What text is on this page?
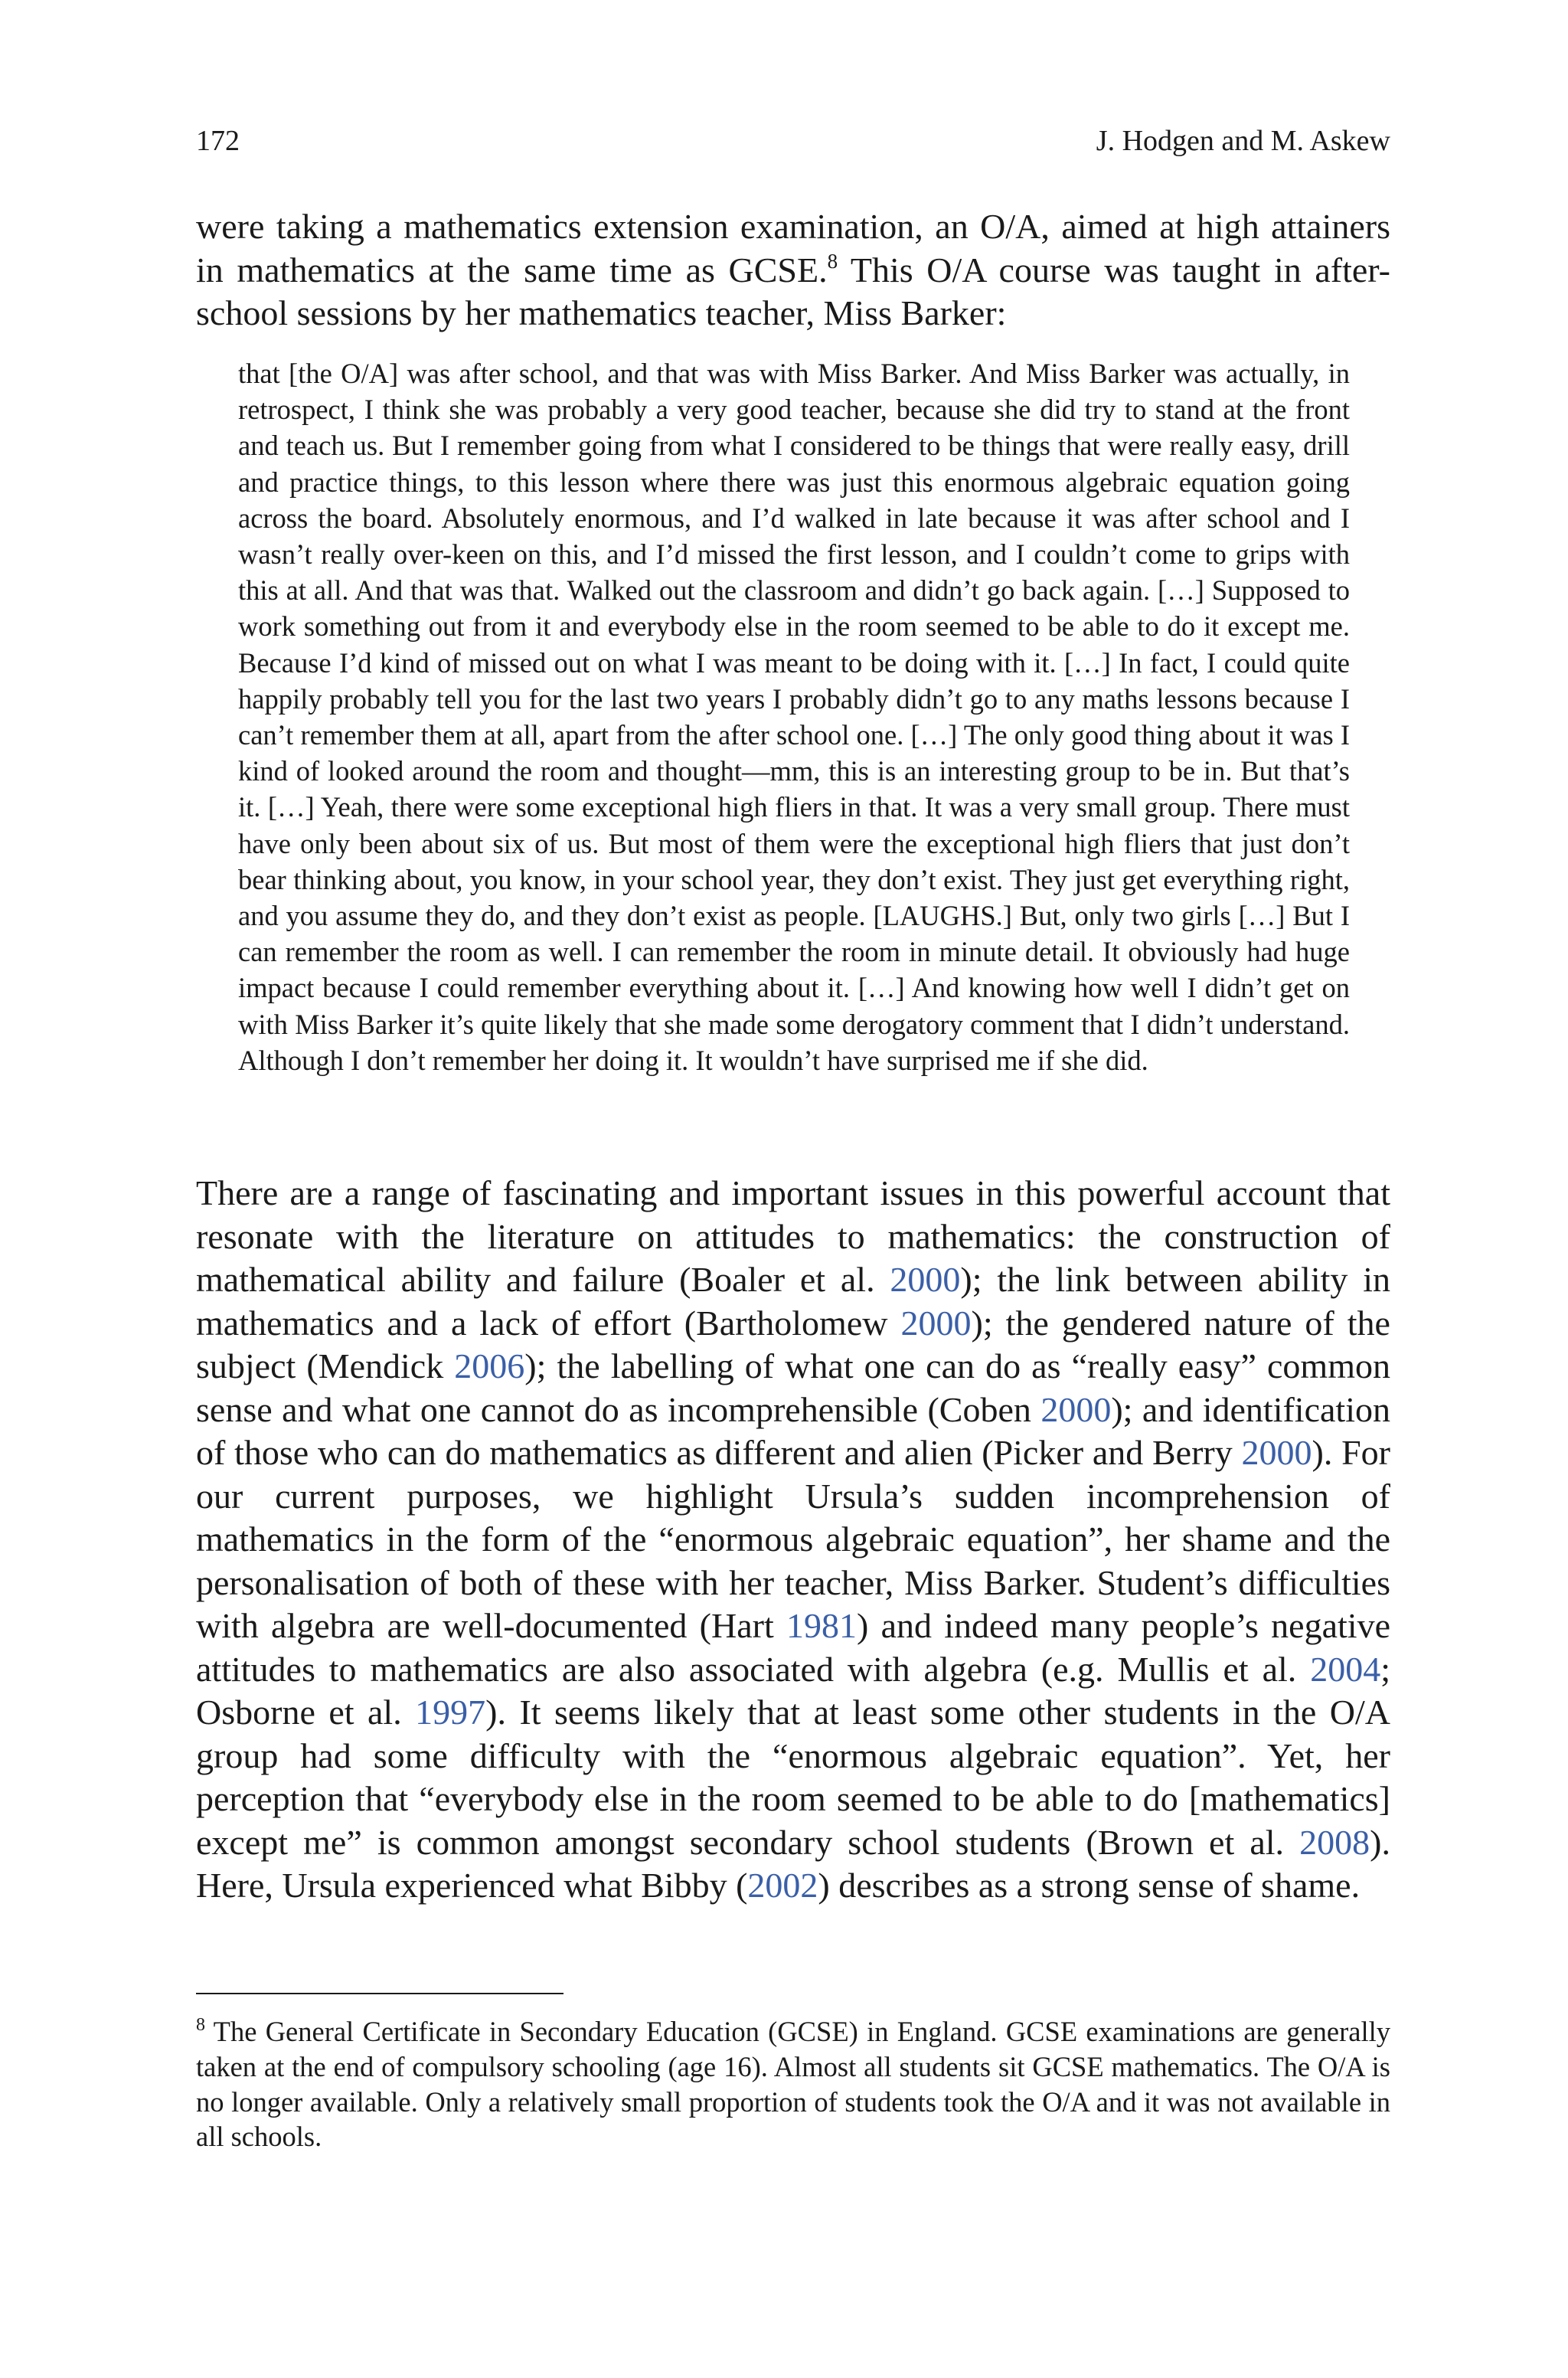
172	J. Hodgen and M. Askew

were taking a mathematics extension examination, an O/A, aimed at high attainers in mathematics at the same time as GCSE.$^8$ This O/A course was taught in after-school sessions by her mathematics teacher, Miss Barker:

that [the O/A] was after school, and that was with Miss Barker. And Miss Barker was actually, in retrospect, I think she was probably a very good teacher, because she did try to stand at the front and teach us. But I remember going from what I considered to be things that were really easy, drill and practice things, to this lesson where there was just this enormous algebraic equation going across the board. Absolutely enormous, and I’d walked in late because it was after school and I wasn’t really over-keen on this, and I’d missed the first lesson, and I couldn’t come to grips with this at all. And that was that. Walked out the classroom and didn’t go back again. […] Supposed to work something out from it and everybody else in the room seemed to be able to do it except me. Because I’d kind of missed out on what I was meant to be doing with it. […] In fact, I could quite happily probably tell you for the last two years I probably didn’t go to any maths lessons because I can’t remember them at all, apart from the after school one. […] The only good thing about it was I kind of looked around the room and thought—mm, this is an interesting group to be in. But that’s it. […] Yeah, there were some exceptional high fliers in that. It was a very small group. There must have only been about six of us. But most of them were the exceptional high fliers that just don’t bear thinking about, you know, in your school year, they don’t exist. They just get everything right, and you assume they do, and they don’t exist as people. [LAUGHS.] But, only two girls […] But I can remember the room as well. I can remember the room in minute detail. It obviously had huge impact because I could remember everything about it. […] And knowing how well I didn’t get on with Miss Barker it’s quite likely that she made some derogatory comment that I didn’t understand. Although I don’t remember her doing it. It wouldn’t have surprised me if she did.

There are a range of fascinating and important issues in this powerful account that resonate with the literature on attitudes to mathematics: the construction of mathematical ability and failure (Boaler et al. 2000); the link between ability in mathematics and a lack of effort (Bartholomew 2000); the gendered nature of the subject (Mendick 2006); the labelling of what one can do as “really easy” common sense and what one cannot do as incomprehensible (Coben 2000); and identification of those who can do mathematics as different and alien (Picker and Berry 2000). For our current purposes, we highlight Ursula’s sudden incomprehension of mathematics in the form of the “enormous algebraic equation”, her shame and the personalisation of both of these with her teacher, Miss Barker. Student’s difficulties with algebra are well-documented (Hart 1981) and indeed many people’s negative attitudes to mathematics are also associated with algebra (e.g. Mullis et al. 2004; Osborne et al. 1997). It seems likely that at least some other students in the O/A group had some difficulty with the “enormous algebraic equation”. Yet, her perception that “everybody else in the room seemed to be able to do [mathematics] except me” is common amongst secondary school students (Brown et al. 2008). Here, Ursula experienced what Bibby (2002) describes as a strong sense of shame.

$^8$ The General Certificate in Secondary Education (GCSE) in England. GCSE examinations are generally taken at the end of compulsory schooling (age 16). Almost all students sit GCSE mathematics. The O/A is no longer available. Only a relatively small proportion of students took the O/A and it was not available in all schools.
